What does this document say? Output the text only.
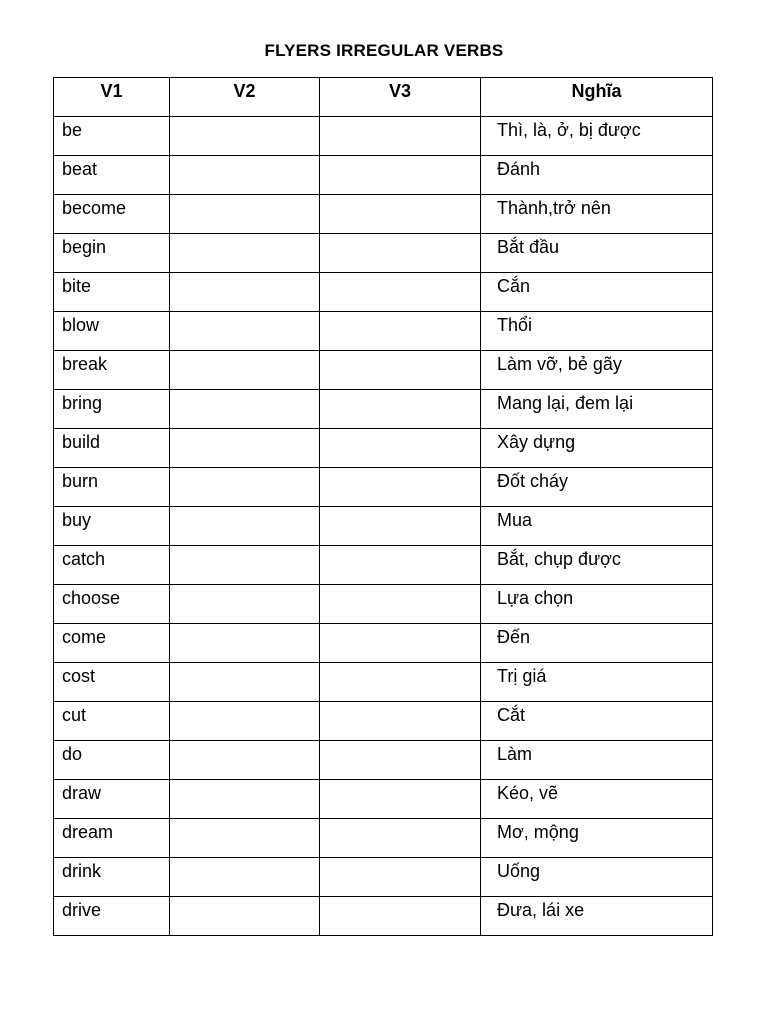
FLYERS IRREGULAR VERBS
V1	V2	V3	Nghĩa
be			Thì, là, ở, bị được
beat			Đánh
become			Thành,trở nên
begin			Bắt đầu
bite			Cắn
blow			Thổi
break			Làm vỡ, bẻ gãy
bring			Mang lại, đem lại
build			Xây dựng
burn			Đốt cháy
buy			Mua
catch			Bắt, chụp được
choose			Lựa chọn
come			Đến
cost			Trị giá
cut			Cắt
do			Làm
draw			Kéo, vẽ
dream			Mơ, mộng
drink			Uống
drive			Đưa, lái xe
